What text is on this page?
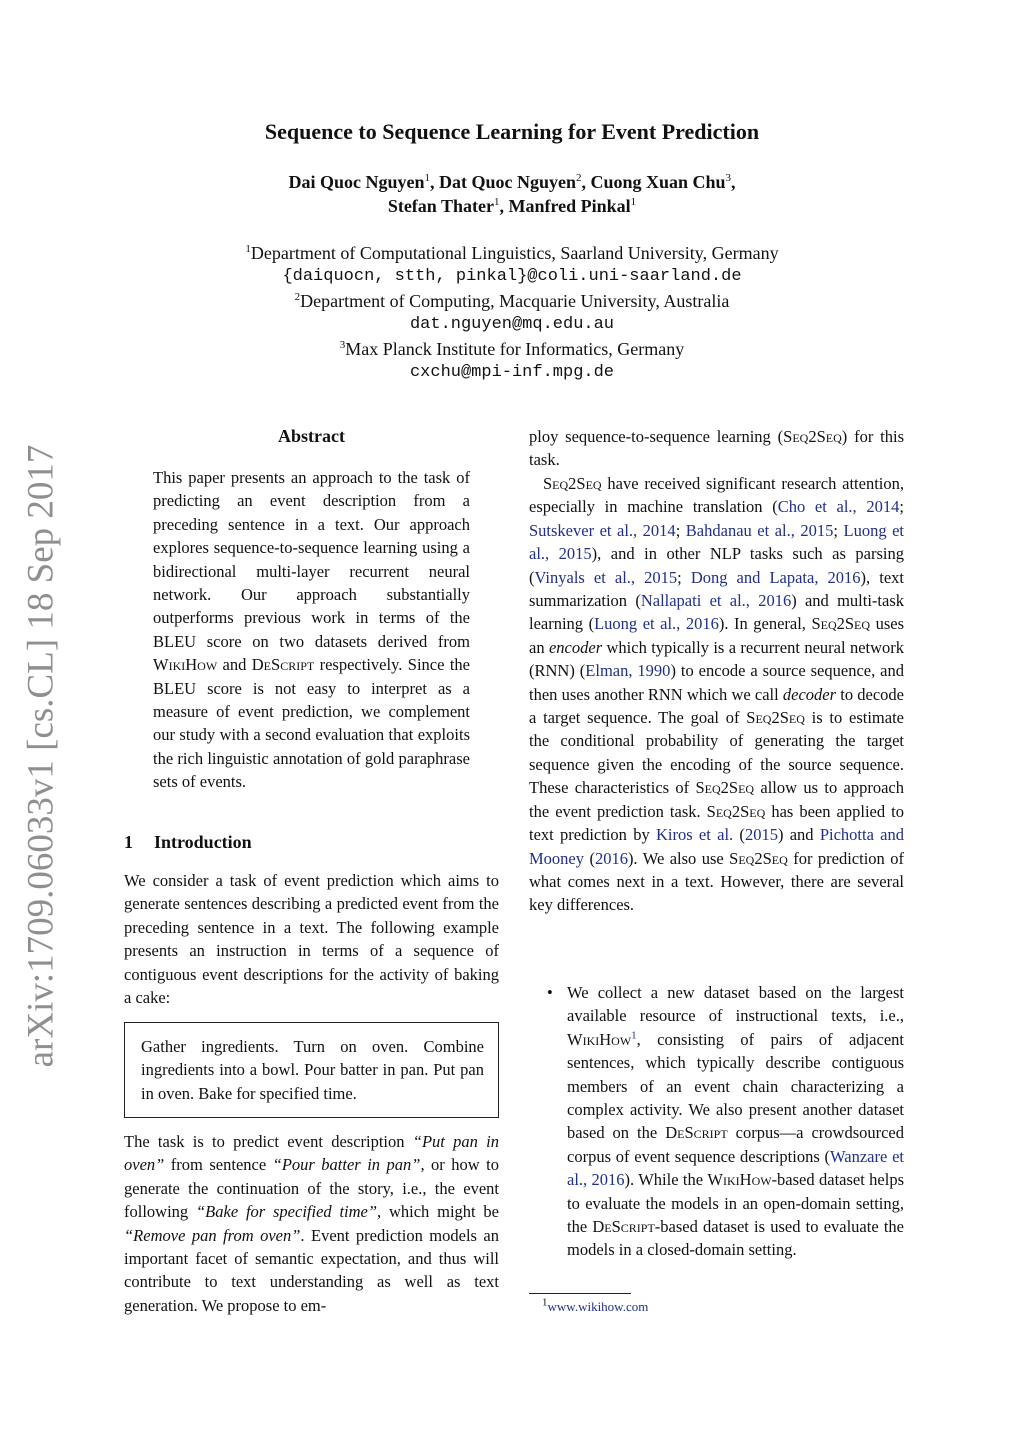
Sequence to Sequence Learning for Event Prediction
Dai Quoc Nguyen$^1$, Dat Quoc Nguyen$^2$, Cuong Xuan Chu$^3$,
Stefan Thater$^1$, Manfred Pinkal$^1$
$^1$Department of Computational Linguistics, Saarland University, Germany
{daiquocn, stth, pinkal}@coli.uni-saarland.de
$^2$Department of Computing, Macquarie University, Australia
dat.nguyen@mq.edu.au
$^3$Max Planck Institute for Informatics, Germany
cxchu@mpi-inf.mpg.de
arXiv:1709.06033v1 [cs.CL] 18 Sep 2017
Abstract
This paper presents an approach to the task of predicting an event description from a preceding sentence in a text. Our approach explores sequence-to-sequence learning using a bidirectional multi-layer recurrent neural network. Our approach substantially outperforms previous work in terms of the BLEU score on two datasets derived from WikiHow and DeScript respectively. Since the BLEU score is not easy to interpret as a measure of event prediction, we complement our study with a second evaluation that exploits the rich linguistic annotation of gold paraphrase sets of events.
1 Introduction
We consider a task of event prediction which aims to generate sentences describing a predicted event from the preceding sentence in a text. The following example presents an instruction in terms of a sequence of contiguous event descriptions for the activity of baking a cake:
Gather ingredients. Turn on oven. Combine ingredients into a bowl. Pour batter in pan. Put pan in oven. Bake for specified time.
The task is to predict event description “Put pan in oven” from sentence “Pour batter in pan”, or how to generate the continuation of the story, i.e., the event following “Bake for specified time”, which might be “Remove pan from oven”. Event prediction models an important facet of semantic expectation, and thus will contribute to text understanding as well as text generation. We propose to em-
ploy sequence-to-sequence learning (Seq2Seq) for this task.
Seq2Seq have received significant research attention, especially in machine translation (Cho et al., 2014; Sutskever et al., 2014; Bahdanau et al., 2015; Luong et al., 2015), and in other NLP tasks such as parsing (Vinyals et al., 2015; Dong and Lapata, 2016), text summarization (Nallapati et al., 2016) and multi-task learning (Luong et al., 2016). In general, Seq2Seq uses an encoder which typically is a recurrent neural network (RNN) (Elman, 1990) to encode a source sequence, and then uses another RNN which we call decoder to decode a target sequence. The goal of Seq2Seq is to estimate the conditional probability of generating the target sequence given the encoding of the source sequence. These characteristics of Seq2Seq allow us to approach the event prediction task. Seq2Seq has been applied to text prediction by Kiros et al. (2015) and Pichotta and Mooney (2016). We also use Seq2Seq for prediction of what comes next in a text. However, there are several key differences.
• We collect a new dataset based on the largest available resource of instructional texts, i.e., WikiHow$^1$, consisting of pairs of adjacent sentences, which typically describe contiguous members of an event chain characterizing a complex activity. We also present another dataset based on the DeScript corpus—a crowdsourced corpus of event sequence descriptions (Wanzare et al., 2016). While the WikiHow-based dataset helps to evaluate the models in an open-domain setting, the DeScript-based dataset is used to evaluate the models in a closed-domain setting.
$^1$www.wikihow.com
